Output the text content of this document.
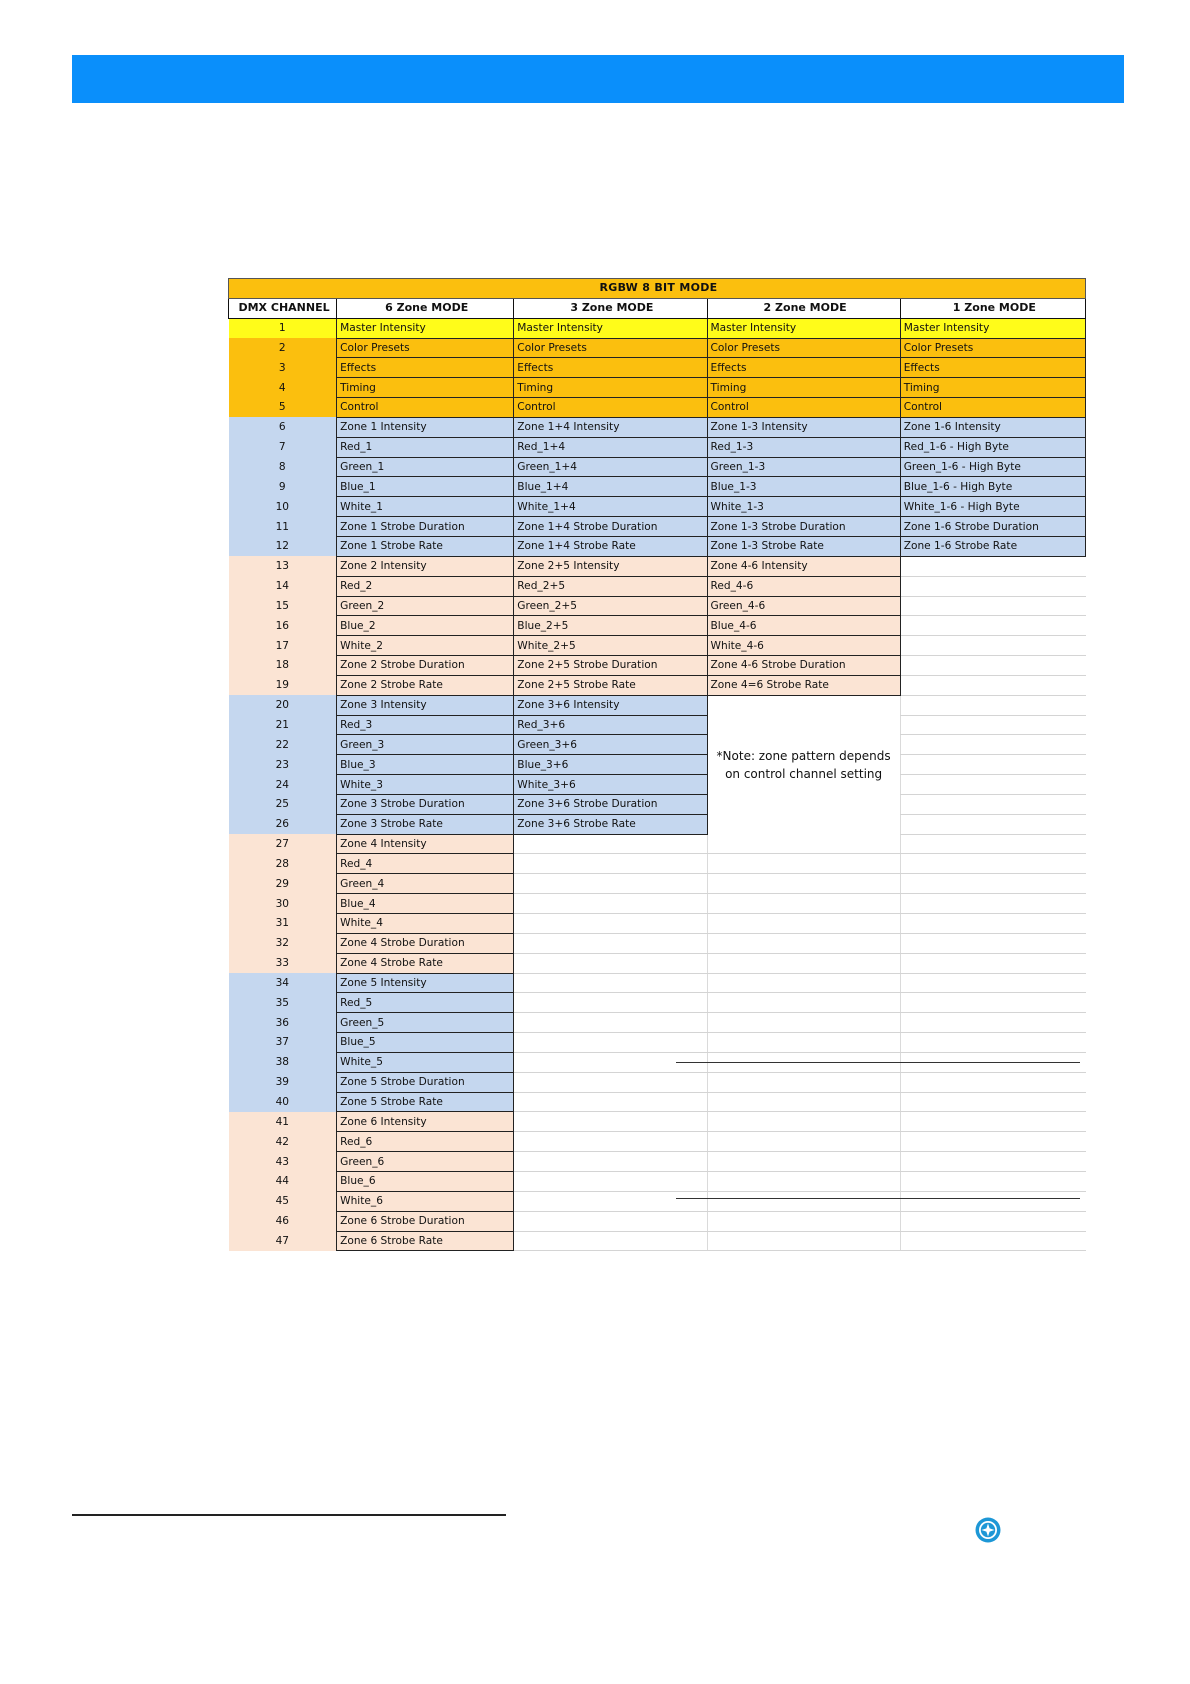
RGBW 8 BIT MODE				
DMX CHANNEL	6 Zone MODE	3 Zone MODE	2 Zone MODE	1 Zone MODE
1	Master Intensity	Master Intensity	Master Intensity	Master Intensity
2	Color Presets	Color Presets	Color Presets	Color Presets
3	Effects	Effects	Effects	Effects
4	Timing	Timing	Timing	Timing
5	Control	Control	Control	Control
6	Zone 1 Intensity	Zone 1+4 Intensity	Zone 1-3 Intensity	Zone 1-6 Intensity
7	Red_1	Red_1+4	Red_1-3	Red_1-6 - High Byte
8	Green_1	Green_1+4	Green_1-3	Green_1-6 - High Byte
9	Blue_1	Blue_1+4	Blue_1-3	Blue_1-6 - High Byte
10	White_1	White_1+4	White_1-3	White_1-6 - High Byte
11	Zone 1 Strobe Duration	Zone 1+4 Strobe Duration	Zone 1-3 Strobe Duration	Zone 1-6 Strobe Duration
12	Zone 1 Strobe Rate	Zone 1+4 Strobe Rate	Zone 1-3 Strobe Rate	Zone 1-6 Strobe Rate
13	Zone 2 Intensity	Zone 2+5 Intensity	Zone 4-6 Intensity	
14	Red_2	Red_2+5	Red_4-6	
15	Green_2	Green_2+5	Green_4-6	
16	Blue_2	Blue_2+5	Blue_4-6	
17	White_2	White_2+5	White_4-6	
18	Zone 2 Strobe Duration	Zone 2+5 Strobe Duration	Zone 4-6 Strobe Duration	
19	Zone 2 Strobe Rate	Zone 2+5 Strobe Rate	Zone 4=6 Strobe Rate	
20	Zone 3 Intensity	Zone 3+6 Intensity	*Note: zone pattern depends on control channel setting	
21	Red_3	Red_3+6		
22	Green_3	Green_3+6		
23	Blue_3	Blue_3+6		
24	White_3	White_3+6		
25	Zone 3 Strobe Duration	Zone 3+6 Strobe Duration		
26	Zone 3 Strobe Rate	Zone 3+6 Strobe Rate		
27	Zone 4 Intensity			
28	Red_4			
29	Green_4			
30	Blue_4			
31	White_4			
32	Zone 4 Strobe Duration			
33	Zone 4 Strobe Rate			
34	Zone 5 Intensity			
35	Red_5			
36	Green_5			
37	Blue_5			
38	White_5			
39	Zone 5 Strobe Duration			
40	Zone 5 Strobe Rate			
41	Zone 6 Intensity			
42	Red_6			
43	Green_6			
44	Blue_6			
45	White_6			
46	Zone 6 Strobe Duration			
47	Zone 6 Strobe Rate			
